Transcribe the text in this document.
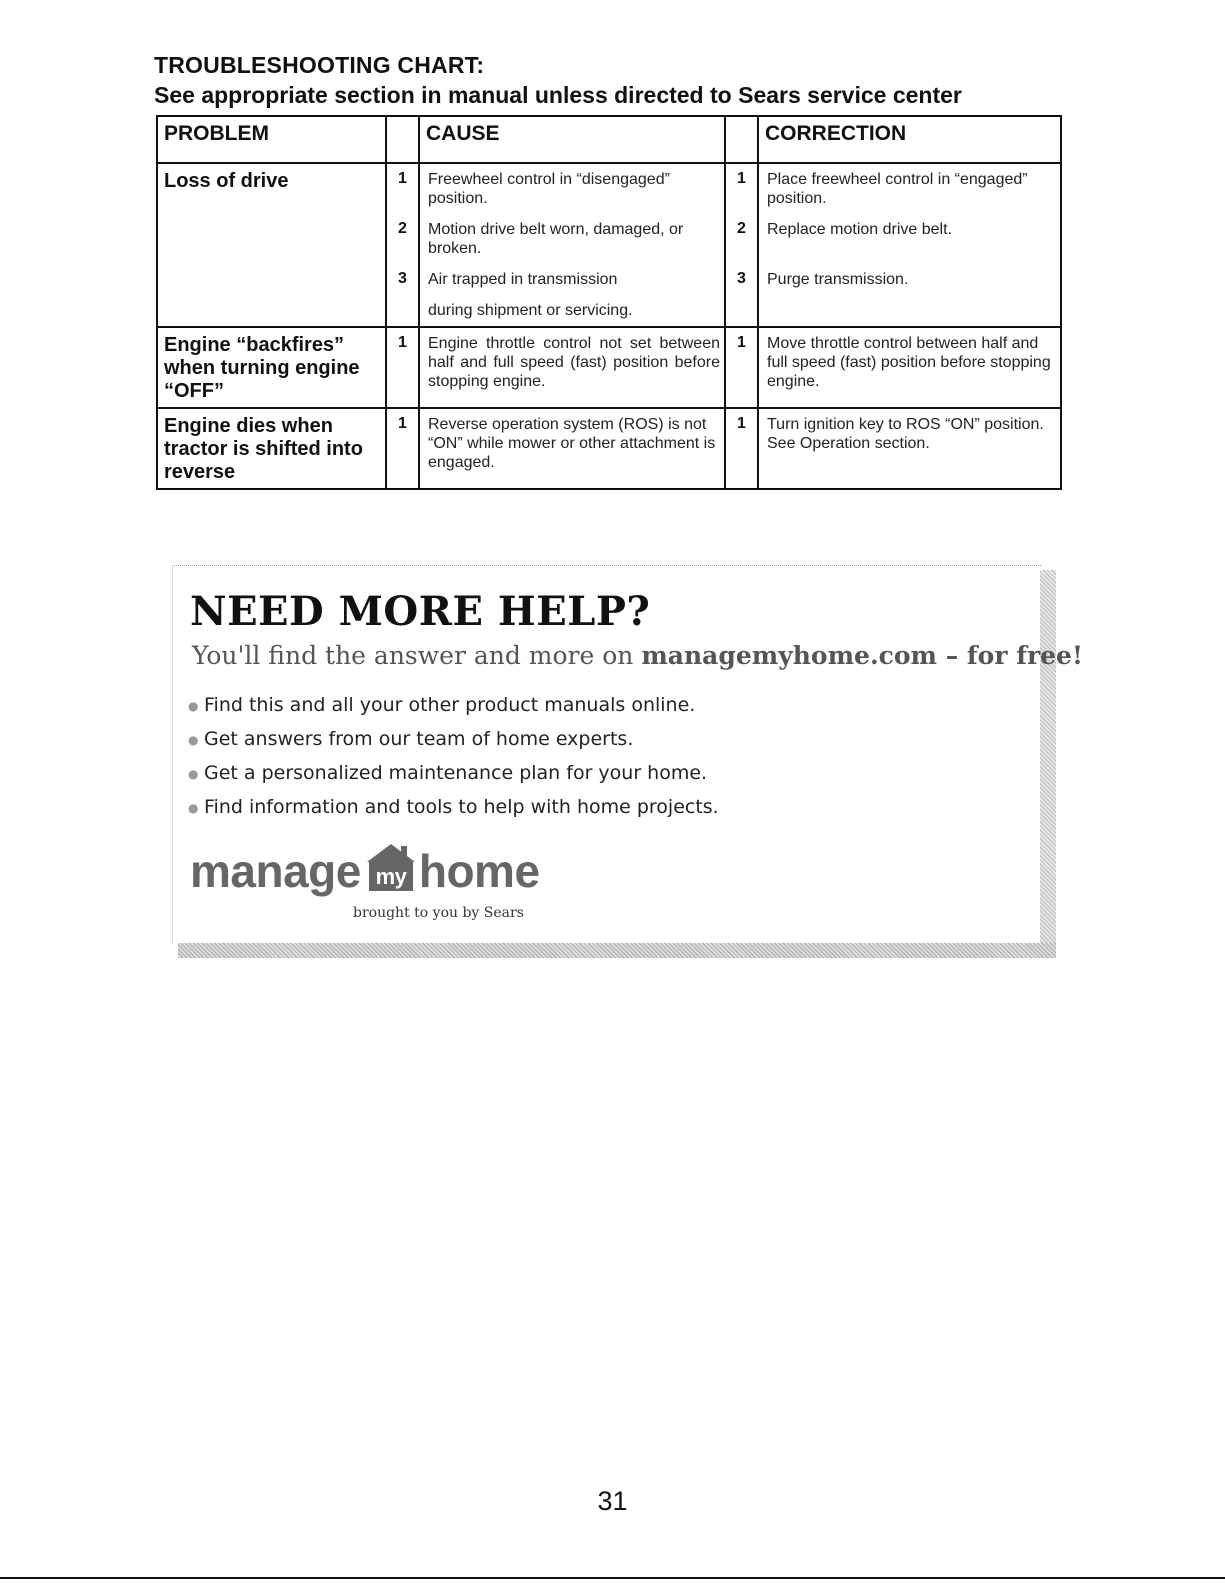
TROUBLESHOOTING CHART:
See appropriate section in manual unless directed to Sears service center
PROBLEM		CAUSE		CORRECTION
Loss of drive	1	Freewheel control in “disengaged” position.	1	Place freewheel control in “engaged” position.
	2	Motion drive belt worn, damaged, or broken.	2	Replace motion drive belt.
	3	Air trapped in transmission	3	Purge transmission.
		during shipment or servicing.		
Engine “backfires” when turning engine “OFF”	1	Engine throttle control not set between half and full speed (fast) position before stopping engine.	1	Move throttle control between half and full speed (fast) position before stopping engine.
Engine dies when tractor is shifted into reverse	1	Reverse operation system (ROS) is not “ON” while mower or other attachment is engaged.	1	Turn ignition key to ROS “ON” position. See Operation section.
NEED MORE HELP?

You'll find the answer and more on managemyhome.com – for free!

● Find this and all your other product manuals online.
● Get answers from our team of home experts.
● Get a personalized maintenance plan for your home.
● Find information and tools to help with home projects.
manage my home
brought to you by Sears
31
